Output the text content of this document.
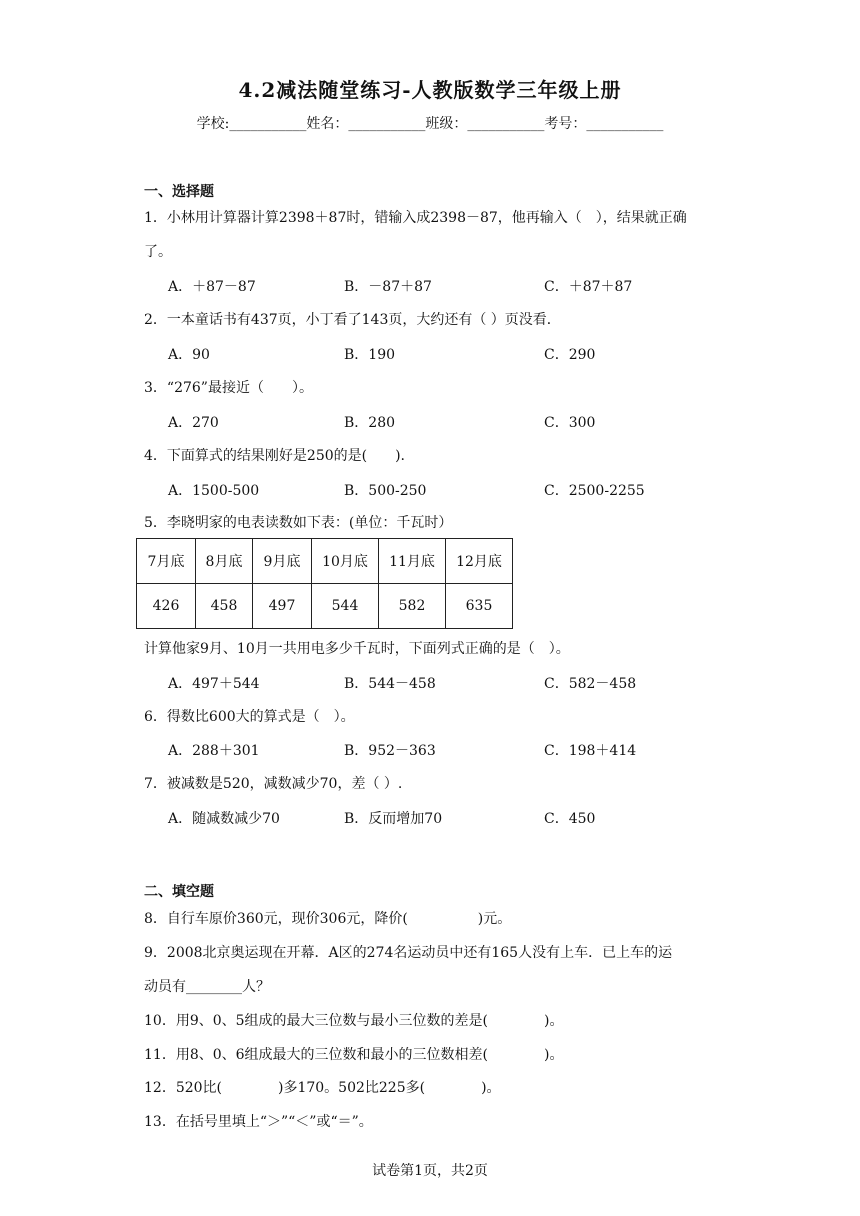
4.2减法随堂练习-人教版数学三年级上册
学校:___________姓名：___________班级：___________考号：___________
一、选择题
1．小林用计算器计算2398＋87时，错输入成2398－87，他再输入（　），结果就正确
了。
A．＋87－87	B．－87＋87	C．＋87＋87
2．一本童话书有437页，小丁看了143页，大约还有（ ）页没看．
A．90	B．190	C．290
3．“276”最接近（　　）。
A．270	B．280	C．300
4．下面算式的结果刚好是250的是(　　).
A．1500-500	B．500-250	C．2500-2255
5．李晓明家的电表读数如下表：(单位：千瓦时）
7月底	8月底	9月底	10月底	11月底	12月底
426	458	497	544	582	635
计算他家9月、10月一共用电多少千瓦时，下面列式正确的是（　）。
A．497＋544	B．544－458	C．582－458
6．得数比600大的算式是（　）。
A．288＋301	B．952－363	C．198＋414
7．被减数是520，减数减少70，差（ ）.
A．随减数减少70	B．反而增加70	C．450
二、填空题
8．自行车原价360元，现价306元，降价(　　　　　)元。
9．2008北京奥运现在开幕．A区的274名运动员中还有165人没有上车．已上车的运
动员有________人？
10．用9、0、5组成的最大三位数与最小三位数的差是(　　　　)。
11．用8、0、6组成最大的三位数和最小的三位数相差(　　　　)。
12．520比(　　　　)多170。502比225多(　　　　)。
13．在括号里填上“＞”“＜”或“＝”。
试卷第1页，共2页
